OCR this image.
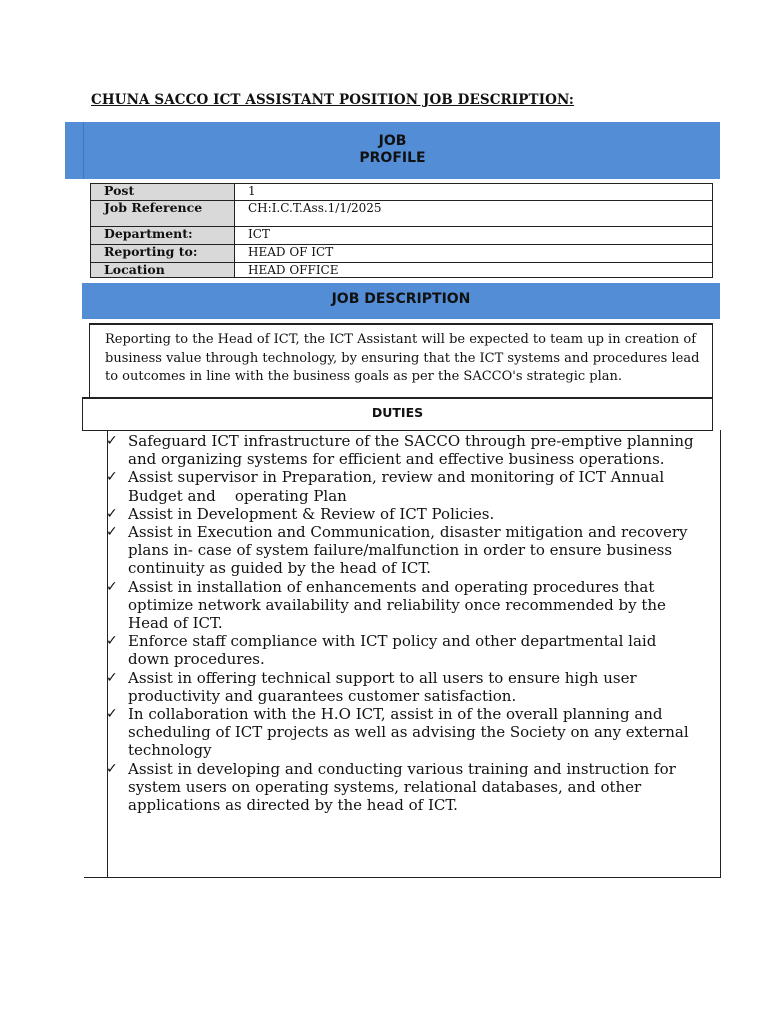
CHUNA SACCO ICT ASSISTANT POSITION JOB DESCRIPTION:
JOB
PROFILE
Post	1
Job Reference	CH:I.C.T.Ass.1/1/2025
Department:	ICT
Reporting to:	HEAD OF ICT
Location	HEAD OFFICE
JOB DESCRIPTION
Reporting to the Head of ICT, the ICT Assistant will be expected to team up in creation of business value through technology, by ensuring that the ICT systems and procedures lead to outcomes in line with the business goals as per the SACCO's strategic plan.
DUTIES
✓ Safeguard ICT infrastructure of the SACCO through pre-emptive planning and organizing systems for efficient and effective business operations.
✓ Assist supervisor in Preparation, review and monitoring of ICT Annual Budget and    operating Plan
✓ Assist in Development & Review of ICT Policies.
✓ Assist in Execution and Communication, disaster mitigation and recovery plans in- case of system failure/malfunction in order to ensure business continuity as guided by the head of ICT.
✓ Assist in installation of enhancements and operating procedures that optimize network availability and reliability once recommended by the Head of ICT.
✓ Enforce staff compliance with ICT policy and other departmental laid down procedures.
✓ Assist in offering technical support to all users to ensure high user productivity and guarantees customer satisfaction.
✓ In collaboration with the H.O ICT, assist in of the overall planning and scheduling of ICT projects as well as advising the Society on any external technology
✓ Assist in developing and conducting various training and instruction for system users on operating systems, relational databases, and other applications as directed by the head of ICT.
